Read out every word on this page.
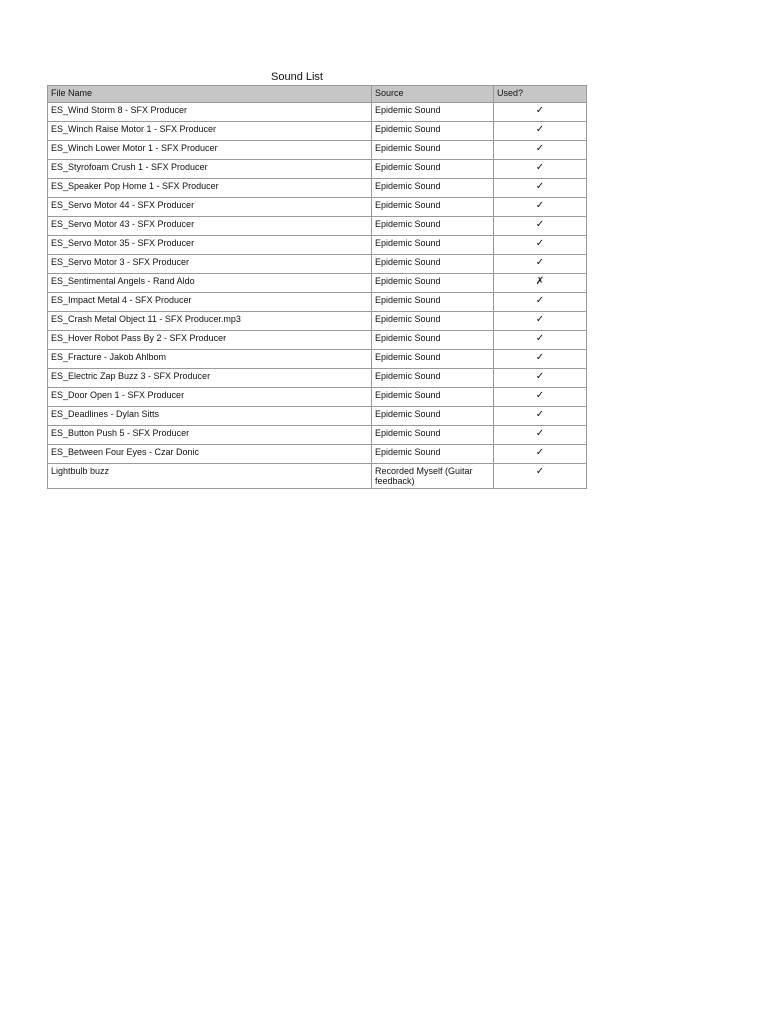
Sound List
File Name	Source	Used?
ES_Wind Storm 8 - SFX Producer	Epidemic Sound	✓
ES_Winch Raise Motor 1 - SFX Producer	Epidemic Sound	✓
ES_Winch Lower Motor 1 - SFX Producer	Epidemic Sound	✓
ES_Styrofoam Crush 1 - SFX Producer	Epidemic Sound	✓
ES_Speaker Pop Home 1 - SFX Producer	Epidemic Sound	✓
ES_Servo Motor 44 - SFX Producer	Epidemic Sound	✓
ES_Servo Motor 43 - SFX Producer	Epidemic Sound	✓
ES_Servo Motor 35 - SFX Producer	Epidemic Sound	✓
ES_Servo Motor 3 - SFX Producer	Epidemic Sound	✓
ES_Sentimental Angels - Rand Aldo	Epidemic Sound	✗
ES_Impact Metal 4 - SFX Producer	Epidemic Sound	✓
ES_Crash Metal Object 11 - SFX Producer.mp3	Epidemic Sound	✓
ES_Hover Robot Pass By 2 - SFX Producer	Epidemic Sound	✓
ES_Fracture - Jakob Ahlbom	Epidemic Sound	✓
ES_Electric Zap Buzz 3 - SFX Producer	Epidemic Sound	✓
ES_Door Open 1 - SFX Producer	Epidemic Sound	✓
ES_Deadlines - Dylan Sitts	Epidemic Sound	✓
ES_Button Push 5 - SFX Producer	Epidemic Sound	✓
ES_Between Four Eyes - Czar Donic	Epidemic Sound	✓
Lightbulb buzz	Recorded Myself (Guitar feedback)	✓
